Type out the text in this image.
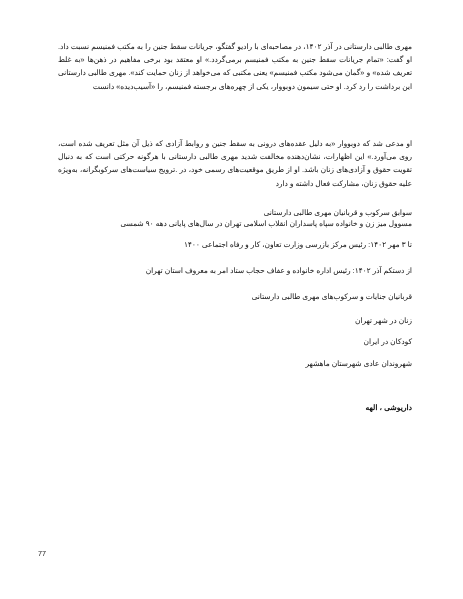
مهری طالبی دارستانی در آذر ۱۴۰۲، در مصاحبه‌ای با رادیو گفتگو، جریانات سقط جنین را به مکتب فمنیسم نسبت داد. او گفت: «تمام جریانات سقط جنین به مکتب فمنیسم برمی‌گردد.» او معتقد بود برخی مفاهیم در ذهن‌ها «به غلط تعریف شده» و «گمان می‌شود مکتب فمنیسم» یعنی مکتبی که می‌خواهد از زنان حمایت کند». مهری طالبی دارستانی این برداشت را رد کرد. او حتی سیمون دوبووار، یکی از چهره‌های برجسته فمنیسم، را «آسیب‌دیده» دانست
او مدعی شد که دوبووار «به دلیل عقده‌های درونی به سقط جنین و روابط آزادی که ذیل آن مثل تعریف شده است، روی می‌آورد.» این اظهارات، نشان‌دهنده مخالفت شدید مهری طالبی دارستانی با هرگونه حرکتی است که به دنبال تقویت حقوق و آزادی‌های زنان باشد. او از طریق موقعیت‌های رسمی خود، در .ترویج سیاست‌های سرکوبگرانه، به‌ویژه علیه حقوق زنان، مشارکت فعال داشته و دارد
سوابق سرکوب و قربانیان مهری طالبی دارستانی
مسوول میز زن و خانواده سپاه پاسداران انقلاب اسلامی تهران در سال‌های پایانی دهه ۹۰ شمسی
تا ۳ مهر ۱۴۰۲: رئیس مرکز بازرسی وزارت تعاون، کار و رفاه اجتماعی ۱۴۰۰
از دستکم آذر ۱۴۰۲: رئیس اداره خانواده و عفاف حجاب ستاد امر به معروف استان تهران
قربانیان جنایات و سرکوب‌های مهری طالبی دارستانی
زنان در شهر تهران
کودکان در ایران
شهروندان عادی شهرستان ماهشهر
داریوشی ، الهه
77
